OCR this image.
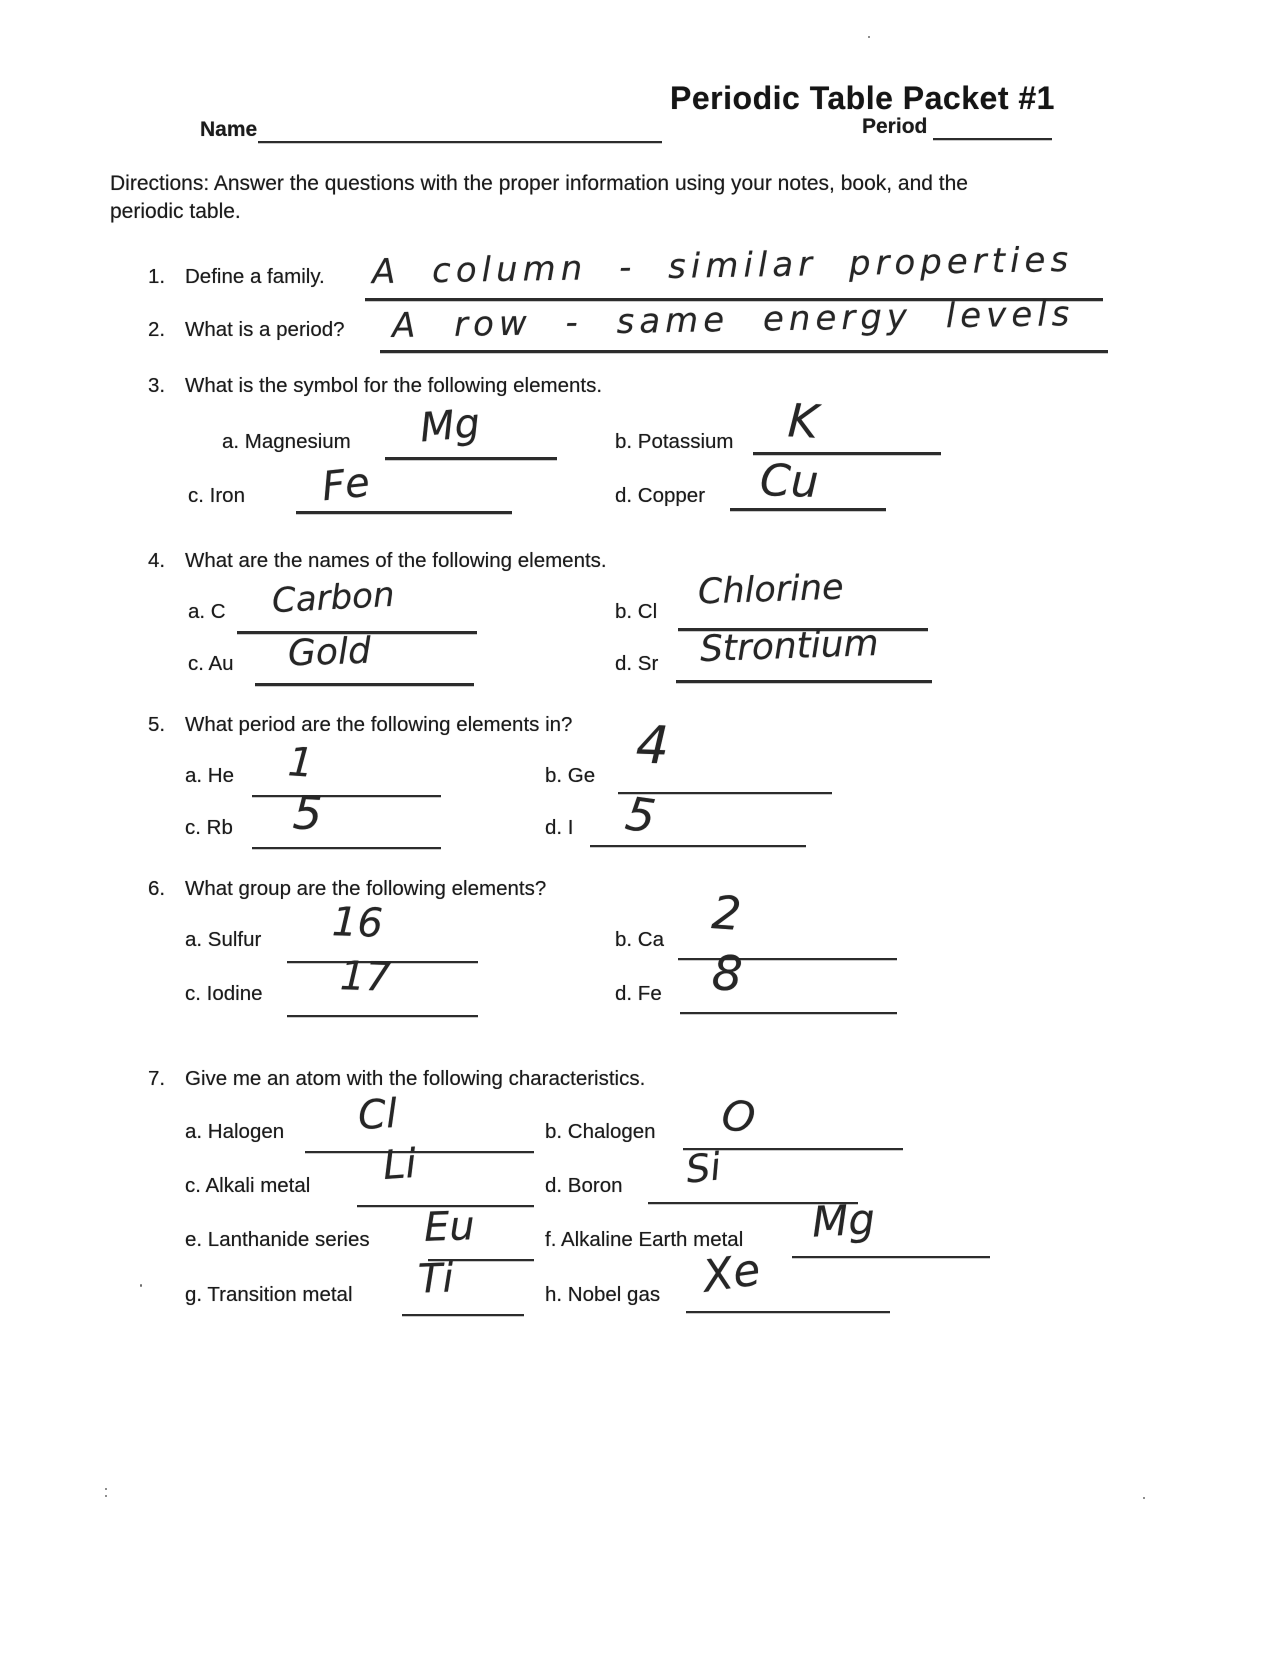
Periodic Table Packet #1
Name	Period
Directions: Answer the questions with the proper information using your notes, book, and the
periodic table.
1. Define a family. A column - similar properties
2. What is a period? A row - same energy levels
3. What is the symbol for the following elements.
a. Magnesium Mg	b. Potassium K
c. Iron Fe	d. Copper Cu
4. What are the names of the following elements.
a. C Carbon	b. Cl Chlorine
c. Au Gold	d. Sr Strontium
5. What period are the following elements in?
a. He 1	b. Ge 4
c. Rb 5	d. I 5
6. What group are the following elements?
a. Sulfur 16	b. Ca 2
c. Iodine 17	d. Fe 8
7. Give me an atom with the following characteristics.
a. Halogen Cl	b. Chalogen O
c. Alkali metal Li	d. Boron Si
e. Lanthanide series Eu	f. Alkaline Earth metal Mg
g. Transition metal Ti	h. Nobel gas Xe
